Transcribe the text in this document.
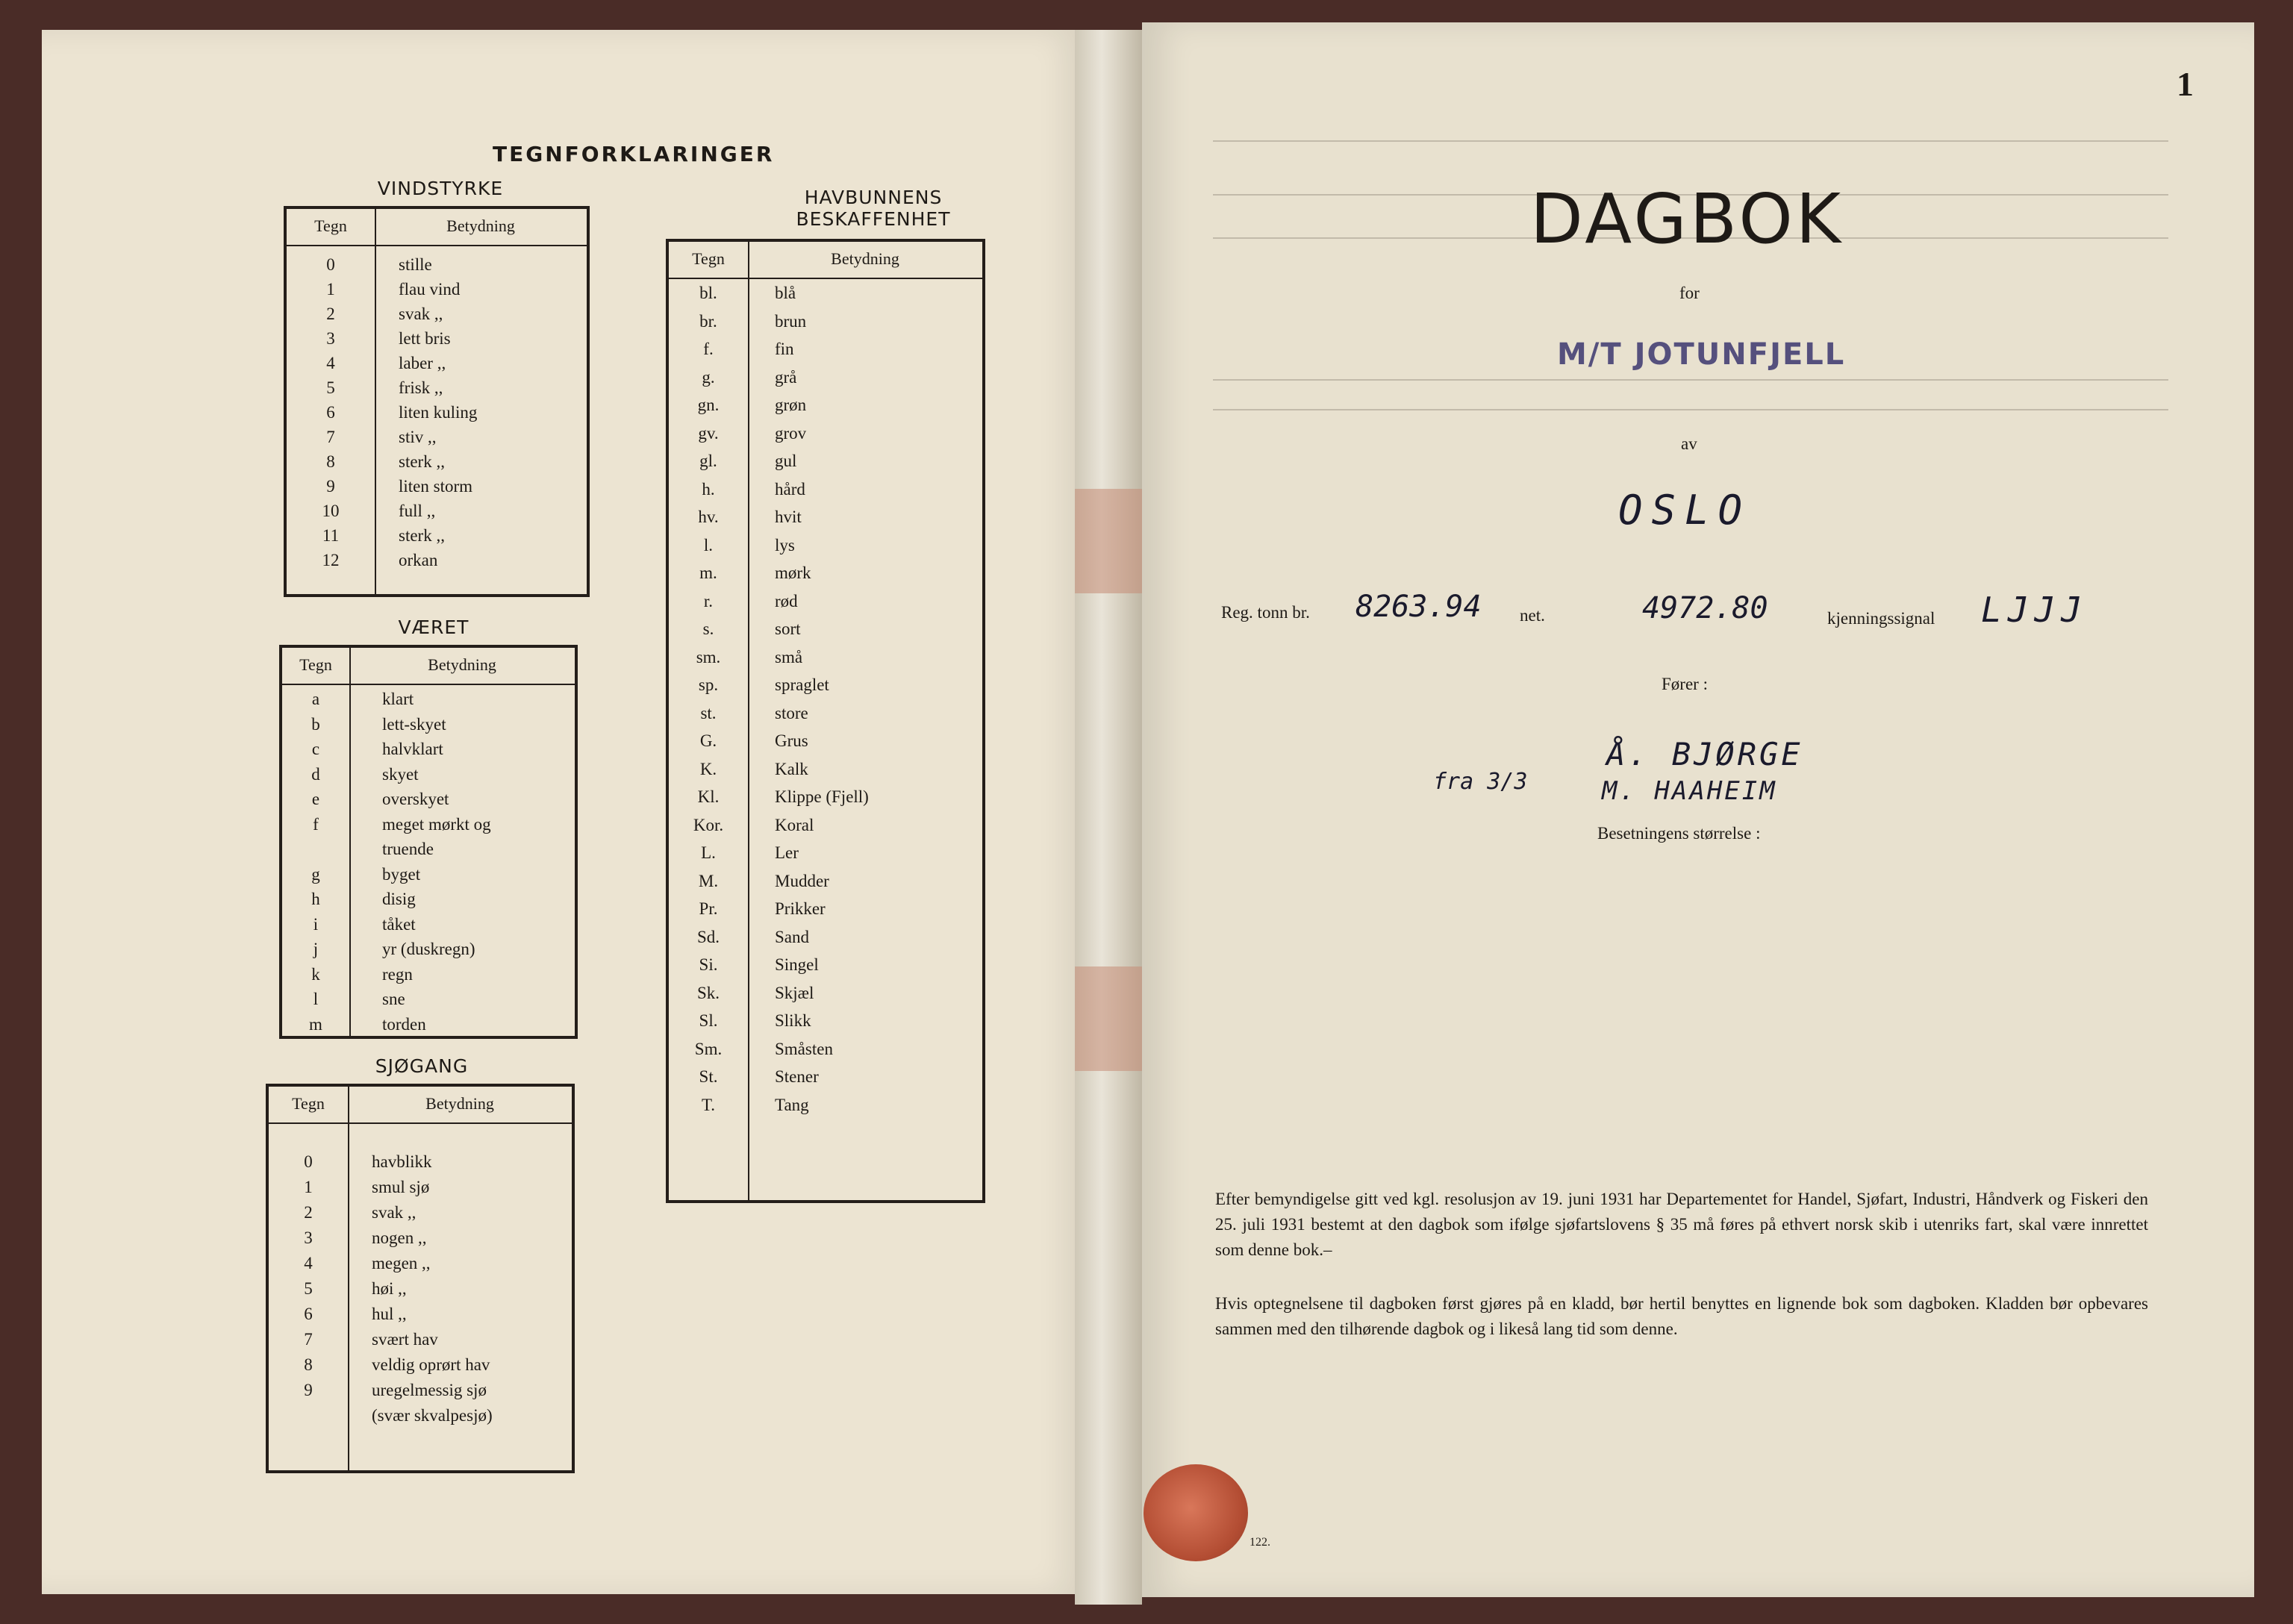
TEGNFORKLARINGER
VINDSTYRKE
Tegn	Betydning
0	stille
1	flau vind
2	svak ,,
3	lett bris
4	laber ,,
5	frisk ,,
6	liten kuling
7	stiv ,,
8	sterk ,,
9	liten storm
10	full ,,
11	sterk ,,
12	orkan
VÆRET
Tegn	Betydning
a	klart
b	lett-skyet
c	halvklart
d	skyet
e	overskyet
f	meget mørkt og
truende
g	byget
h	disig
i	tåket
j	yr (duskregn)
k	regn
l	sne
m	torden
SJØGANG
Tegn	Betydning
0	havblikk
1	smul sjø
2	svak ,,
3	nogen ,,
4	megen ,,
5	høi ,,
6	hul ,,
7	svært hav
8	veldig oprørt hav
9	uregelmessig sjø
(svær skvalpesjø)
HAVBUNNENS
BESKAFFENHET
Tegn	Betydning
bl.	blå
br.	brun
f.	fin
g.	grå
gn.	grøn
gv.	grov
gl.	gul
h.	hård
hv.	hvit
l.	lys
m.	mørk
r.	rød
s.	sort
sm.	små
sp.	spraglet
st.	store
G.	Grus
K.	Kalk
Kl.	Klippe (Fjell)
Kor.	Koral
L.	Ler
M.	Mudder
Pr.	Prikker
Sd.	Sand
Si.	Singel
Sk.	Skjæl
Sl.	Slikk
Sm.	Småsten
St.	Stener
T.	Tang
1
DAGBOK
for
M/T JOTUNFJELL
av
OSLO
Reg. tonn br. 8263.94 net.	4972.80	kjenningssignal LJJJ
Fører :
Å. BJØRGE
fra 3/3	M. HAAHEIM
Besetningens størrelse :
Efter bemyndigelse gitt ved kgl. resolusjon av 19. juni 1931 har Departementet for Handel, Sjøfart, Industri, Håndverk og Fiskeri den 25. juli 1931 bestemt at den dagbok som ifølge sjøfartslovens § 35 må føres på ethvert norsk skib i utenriks fart, skal være innrettet som denne bok.–
Hvis optegnelsene til dagboken først gjøres på en kladd, bør hertil benyttes en lignende bok som dagboken. Kladden bør opbevares sammen med den tilhørende dagbok og i likeså lang tid som denne.
122.
